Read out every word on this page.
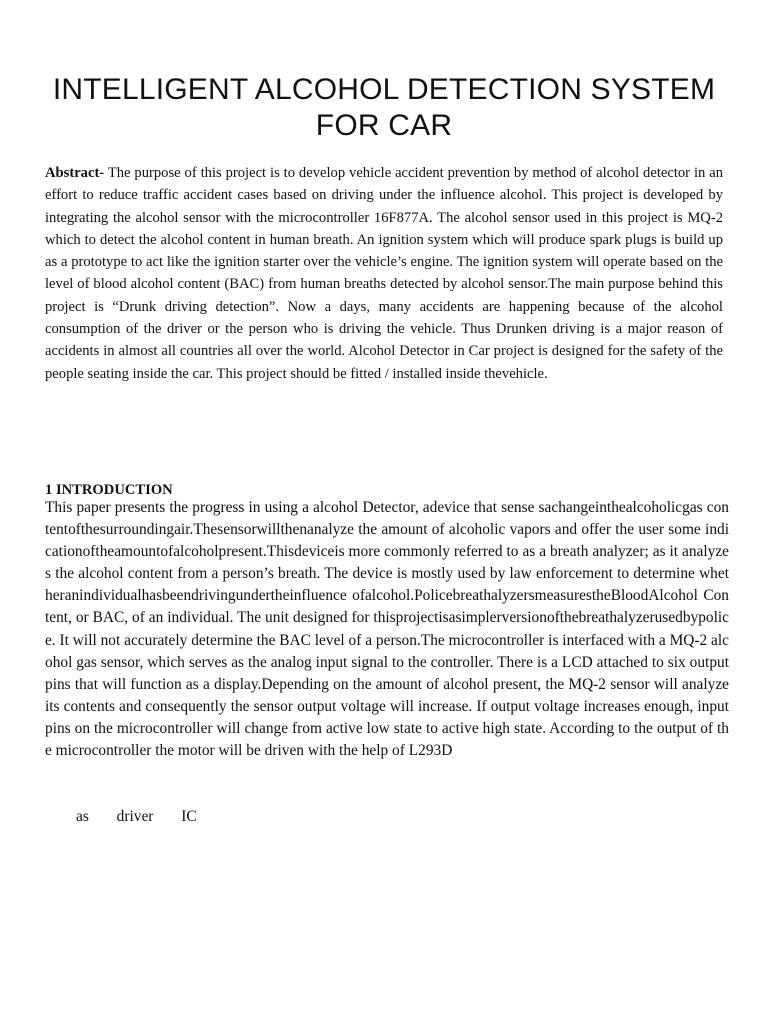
INTELLIGENT ALCOHOL DETECTION SYSTEM FOR CAR

Abstract- The purpose of this project is to develop vehicle accident prevention by method of alcohol detector in an effort to reduce traffic accident cases based on driving under the influence alcohol. This project is developed by integrating the alcohol sensor with the microcontroller 16F877A. The alcohol sensor used in this project is MQ-2 which to detect the alcohol content in human breath. An ignition system which will produce spark plugs is build up as a prototype to act like the ignition starter over the vehicle’s engine. The ignition system will operate based on the level of blood alcohol content (BAC) from human breaths detected by alcohol sensor.The main purpose behind this project is “Drunk driving detection”. Now a days, many accidents are happening because of the alcohol consumption of the driver or the person who is driving the vehicle. Thus Drunken driving is a major reason of accidents in almost all countries all over the world. Alcohol Detector in Car project is designed for the safety of the people seating inside the car. This project should be fitted / installed inside thevehicle.

1 INTRODUCTION

This paper presents the progress in using a alcohol Detector, adevice that sense sachangeinthealcoholicgas contentofthesurroundingair.Thesensorwillthenanalyze the amount of alcoholic vapors and offer the user some indicationoftheamountofalcoholpresent.Thisdeviceis more commonly referred to as a breath analyzer; as it analyzes the alcohol content from a person’s breath. The device is mostly used by law enforcement to determine whetheranindividualhasbeendrivingundertheinfluence ofalcohol.PolicebreathalyzersmeasurestheBloodAlcohol Content, or BAC, of an individual. The unit designed for thisprojectisasimplerversionofthebreathalyzerusedbypolice. It will not accurately determine the BAC level of a person.The microcontroller is interfaced with a MQ-2 alcohol gas sensor, which serves as the analog input signal to the controller. There is a LCD attached to six output pins that will function as a display.Depending on the amount of alcohol present, the MQ-2 sensor will analyze its contents and consequently the sensor output voltage will increase. If output voltage increases enough, input pins on the microcontroller will change from active low state to active high state. According to the output of the microcontroller the motor will be driven with the help of L293D

as driver IC
